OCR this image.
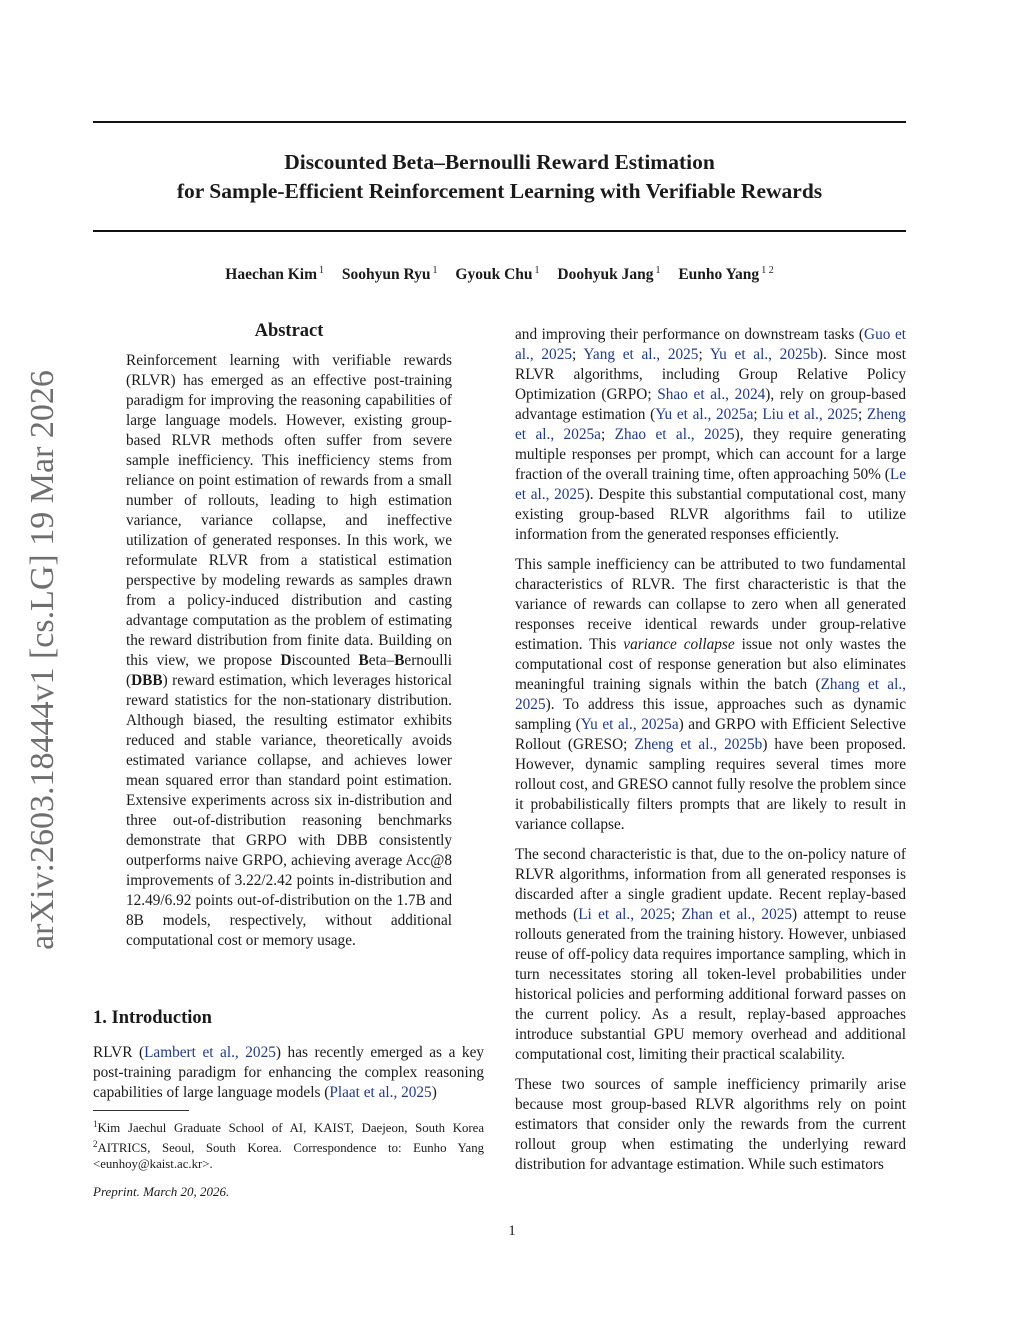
Discounted Beta–Bernoulli Reward Estimation
for Sample-Efficient Reinforcement Learning with Verifiable Rewards
Haechan Kim $^1$ Soohyun Ryu $^1$ Gyouk Chu $^1$ Doohyuk Jang $^1$ Eunho Yang $^{1 2}$
arXiv:2603.18444v1 [cs.LG] 19 Mar 2026
Abstract

Reinforcement learning with verifiable rewards (RLVR) has emerged as an effective post-training paradigm for improving the reasoning capabilities of large language models. However, existing group-based RLVR methods often suffer from severe sample inefficiency. This inefficiency stems from reliance on point estimation of rewards from a small number of rollouts, leading to high estimation variance, variance collapse, and ineffective utilization of generated responses. In this work, we reformulate RLVR from a statistical estimation perspective by modeling rewards as samples drawn from a policy-induced distribution and casting advantage computation as the problem of estimating the reward distribution from finite data. Building on this view, we propose Discounted Beta–Bernoulli (DBB) reward estimation, which leverages historical reward statistics for the non-stationary distribution. Although biased, the resulting estimator exhibits reduced and stable variance, theoretically avoids estimated variance collapse, and achieves lower mean squared error than standard point estimation. Extensive experiments across six in-distribution and three out-of-distribution reasoning benchmarks demonstrate that GRPO with DBB consistently outperforms naive GRPO, achieving average Acc@8 improvements of 3.22/2.42 points in-distribution and 12.49/6.92 points out-of-distribution on the 1.7B and 8B models, respectively, without additional computational cost or memory usage.

1. Introduction

RLVR (Lambert et al., 2025) has recently emerged as a key post-training paradigm for enhancing the complex reasoning capabilities of large language models (Plaat et al., 2025)

$^1$Kim Jaechul Graduate School of AI, KAIST, Daejeon, South Korea $^2$AITRICS, Seoul, South Korea. Correspondence to: Eunho Yang <eunhoy@kaist.ac.kr>.
Preprint. March 20, 2026.

and improving their performance on downstream tasks (Guo et al., 2025; Yang et al., 2025; Yu et al., 2025b). Since most RLVR algorithms, including Group Relative Policy Optimization (GRPO; Shao et al., 2024), rely on group-based advantage estimation (Yu et al., 2025a; Liu et al., 2025; Zheng et al., 2025a; Zhao et al., 2025), they require generating multiple responses per prompt, which can account for a large fraction of the overall training time, often approaching 50% (Le et al., 2025). Despite this substantial computational cost, many existing group-based RLVR algorithms fail to utilize information from the generated responses efficiently.

This sample inefficiency can be attributed to two fundamental characteristics of RLVR. The first characteristic is that the variance of rewards can collapse to zero when all generated responses receive identical rewards under group-relative estimation. This variance collapse issue not only wastes the computational cost of response generation but also eliminates meaningful training signals within the batch (Zhang et al., 2025). To address this issue, approaches such as dynamic sampling (Yu et al., 2025a) and GRPO with Efficient Selective Rollout (GRESO; Zheng et al., 2025b) have been proposed. However, dynamic sampling requires several times more rollout cost, and GRESO cannot fully resolve the problem since it probabilistically filters prompts that are likely to result in variance collapse.

The second characteristic is that, due to the on-policy nature of RLVR algorithms, information from all generated responses is discarded after a single gradient update. Recent replay-based methods (Li et al., 2025; Zhan et al., 2025) attempt to reuse rollouts generated from the training history. However, unbiased reuse of off-policy data requires importance sampling, which in turn necessitates storing all token-level probabilities under historical policies and performing additional forward passes on the current policy. As a result, replay-based approaches introduce substantial GPU memory overhead and additional computational cost, limiting their practical scalability.

These two sources of sample inefficiency primarily arise because most group-based RLVR algorithms rely on point estimators that consider only the rewards from the current rollout group when estimating the underlying reward distribution for advantage estimation. While such estimators

1
